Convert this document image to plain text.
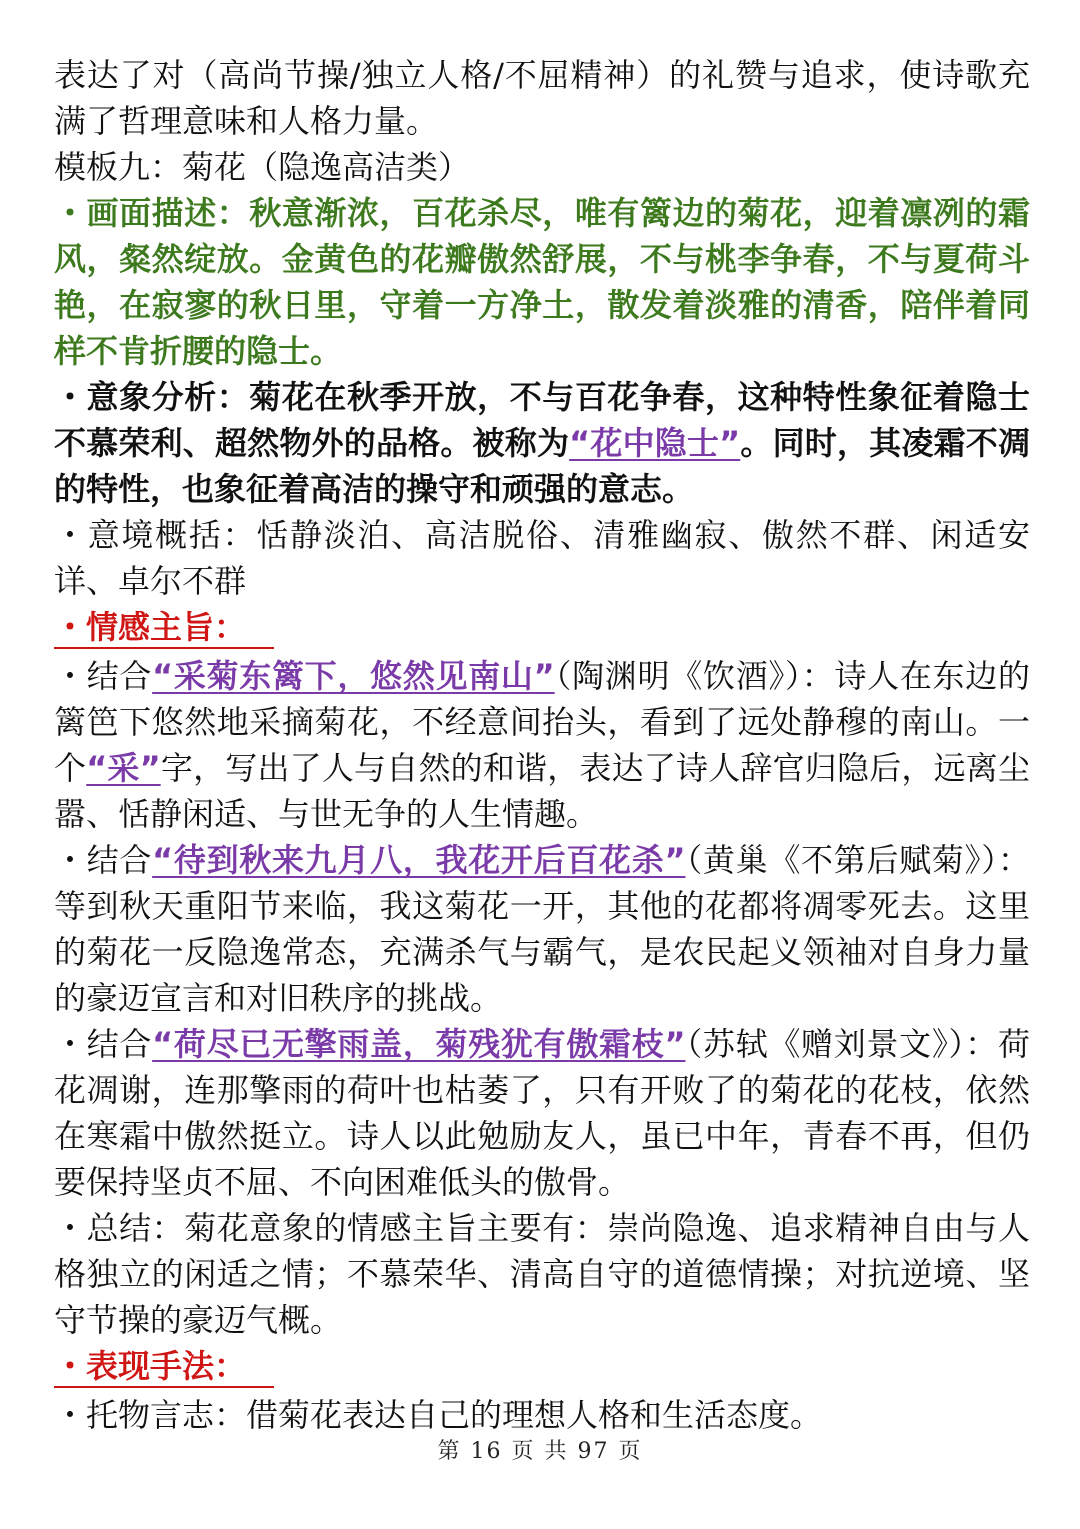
表达了对（高尚节操/独立人格/不屈精神）的礼赞与追求，使诗歌充满了哲理意味和人格力量。

模板九：菊花（隐逸高洁类）

・画面描述：秋意渐浓，百花杀尽，唯有篱边的菊花，迎着凛冽的霜风，粲然绽放。金黄色的花瓣傲然舒展，不与桃李争春，不与夏荷斗艳，在寂寥的秋日里，守着一方净土，散发着淡雅的清香，陪伴着同样不肯折腰的隐士。

・意象分析：菊花在秋季开放，不与百花争春，这种特性象征着隐士不慕荣利、超然物外的品格。被称为“花中隐士”。同时，其凌霜不凋的特性，也象征着高洁的操守和顽强的意志。

・意境概括：恬静淡泊、高洁脱俗、清雅幽寂、傲然不群、闲适安详、卓尔不群

・情感主旨：

・结合“采菊东篱下，悠然见南山”（陶渊明《饮酒》）：诗人在东边的篱笆下悠然地采摘菊花，不经意间抬头，看到了远处静穆的南山。一个“采”字，写出了人与自然的和谐，表达了诗人辞官归隐后，远离尘嚣、恬静闲适、与世无争的人生情趣。

・结合“待到秋来九月八，我花开后百花杀”（黄巢《不第后赋菊》）：等到秋天重阳节来临，我这菊花一开，其他的花都将凋零死去。这里的菊花一反隐逸常态，充满杀气与霸气，是农民起义领袖对自身力量的豪迈宣言和对旧秩序的挑战。

・结合“荷尽已无擎雨盖，菊残犹有傲霜枝”（苏轼《赠刘景文》）：荷花凋谢，连那擎雨的荷叶也枯萎了，只有开败了的菊花的花枝，依然在寒霜中傲然挺立。诗人以此勉励友人，虽已中年，青春不再，但仍要保持坚贞不屈、不向困难低头的傲骨。

・总结：菊花意象的情感主旨主要有：崇尚隐逸、追求精神自由与人格独立的闲适之情；不慕荣华、清高自守的道德情操；对抗逆境、坚守节操的豪迈气概。

・表现手法：

・托物言志：借菊花表达自己的理想人格和生活态度。

第 16 页 共 97 页
